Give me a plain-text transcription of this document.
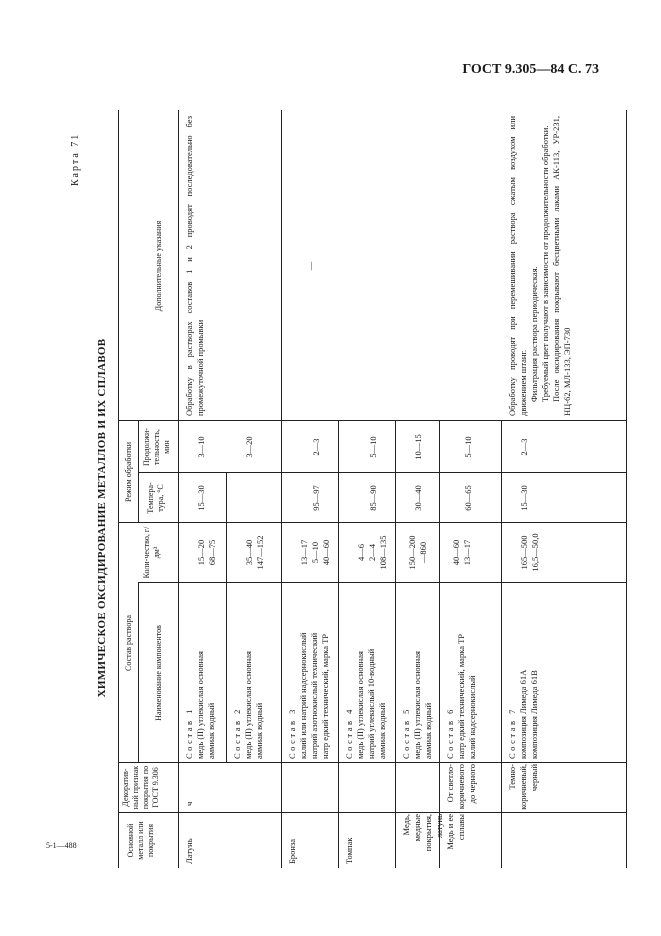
ГОСТ 9.305—84 С. 73
5-1—488
Карта 71
ХИМИЧЕСКОЕ ОКСИДИРОВАНИЕ МЕТАЛЛОВ И ИХ СПЛАВОВ
Основной металл или покрытия
Декоратив-ный признак покрытия по ГОСТ 9.306
Состав раствора	Наименование компонентов
Коли-чество, г/дм³
Режим обработки Темпера-тура, °С
Продолжи-тельность, мин
Дополнительные указания
Латунь
ч
Состав 1 медь (II) углекислая основная аммиак водный
15—20 68—75
15—30
3—10
Обработку в растворах составов 1 и 2 проводят последовательно без промежуточной промывки
Состав 2 медь (II) углекислая основная аммиак водный
35—40 147—152
3—20
Бронза
Состав 3 калий или натрий надсернокислый натрий азотнокислый технический натр едкий технический, марка ТР
13—17 5—10 40—60
95—97
2—3
—
Томпак
Состав 4 медь (II) углекислая основная натрий углекислый 10-водный аммиак водный
4—6 2—4 108—135
85—90
5—10
Медь, медные покрытия, латунь
Состав 5 медь (II) углекислая основная аммиак водный
150—200 —860
30—40
10—15
Медь и ее сплавы
От светло-коричневого до черного
Состав 6 натр едкий технический, марка ТР калий надсернокислый
40—60 13—17
60—65
5—10
Темно-коричневый, черный
Состав 7 композиция Лимеда 61А композиция Лимеда 61В
165—500 16,5—50,0
15—30
2—3
Обработку проводят при перемешивании раствора сжатым воздухом или движением штанг. Фильтрация раствора периодическая. Требуемый цвет получают в зависимости от продолжительности обработки. После оксидирования покрывают бесцветными лаками АК-113, УР-231, НЦ-62, МЛ-133, ЭП-730
